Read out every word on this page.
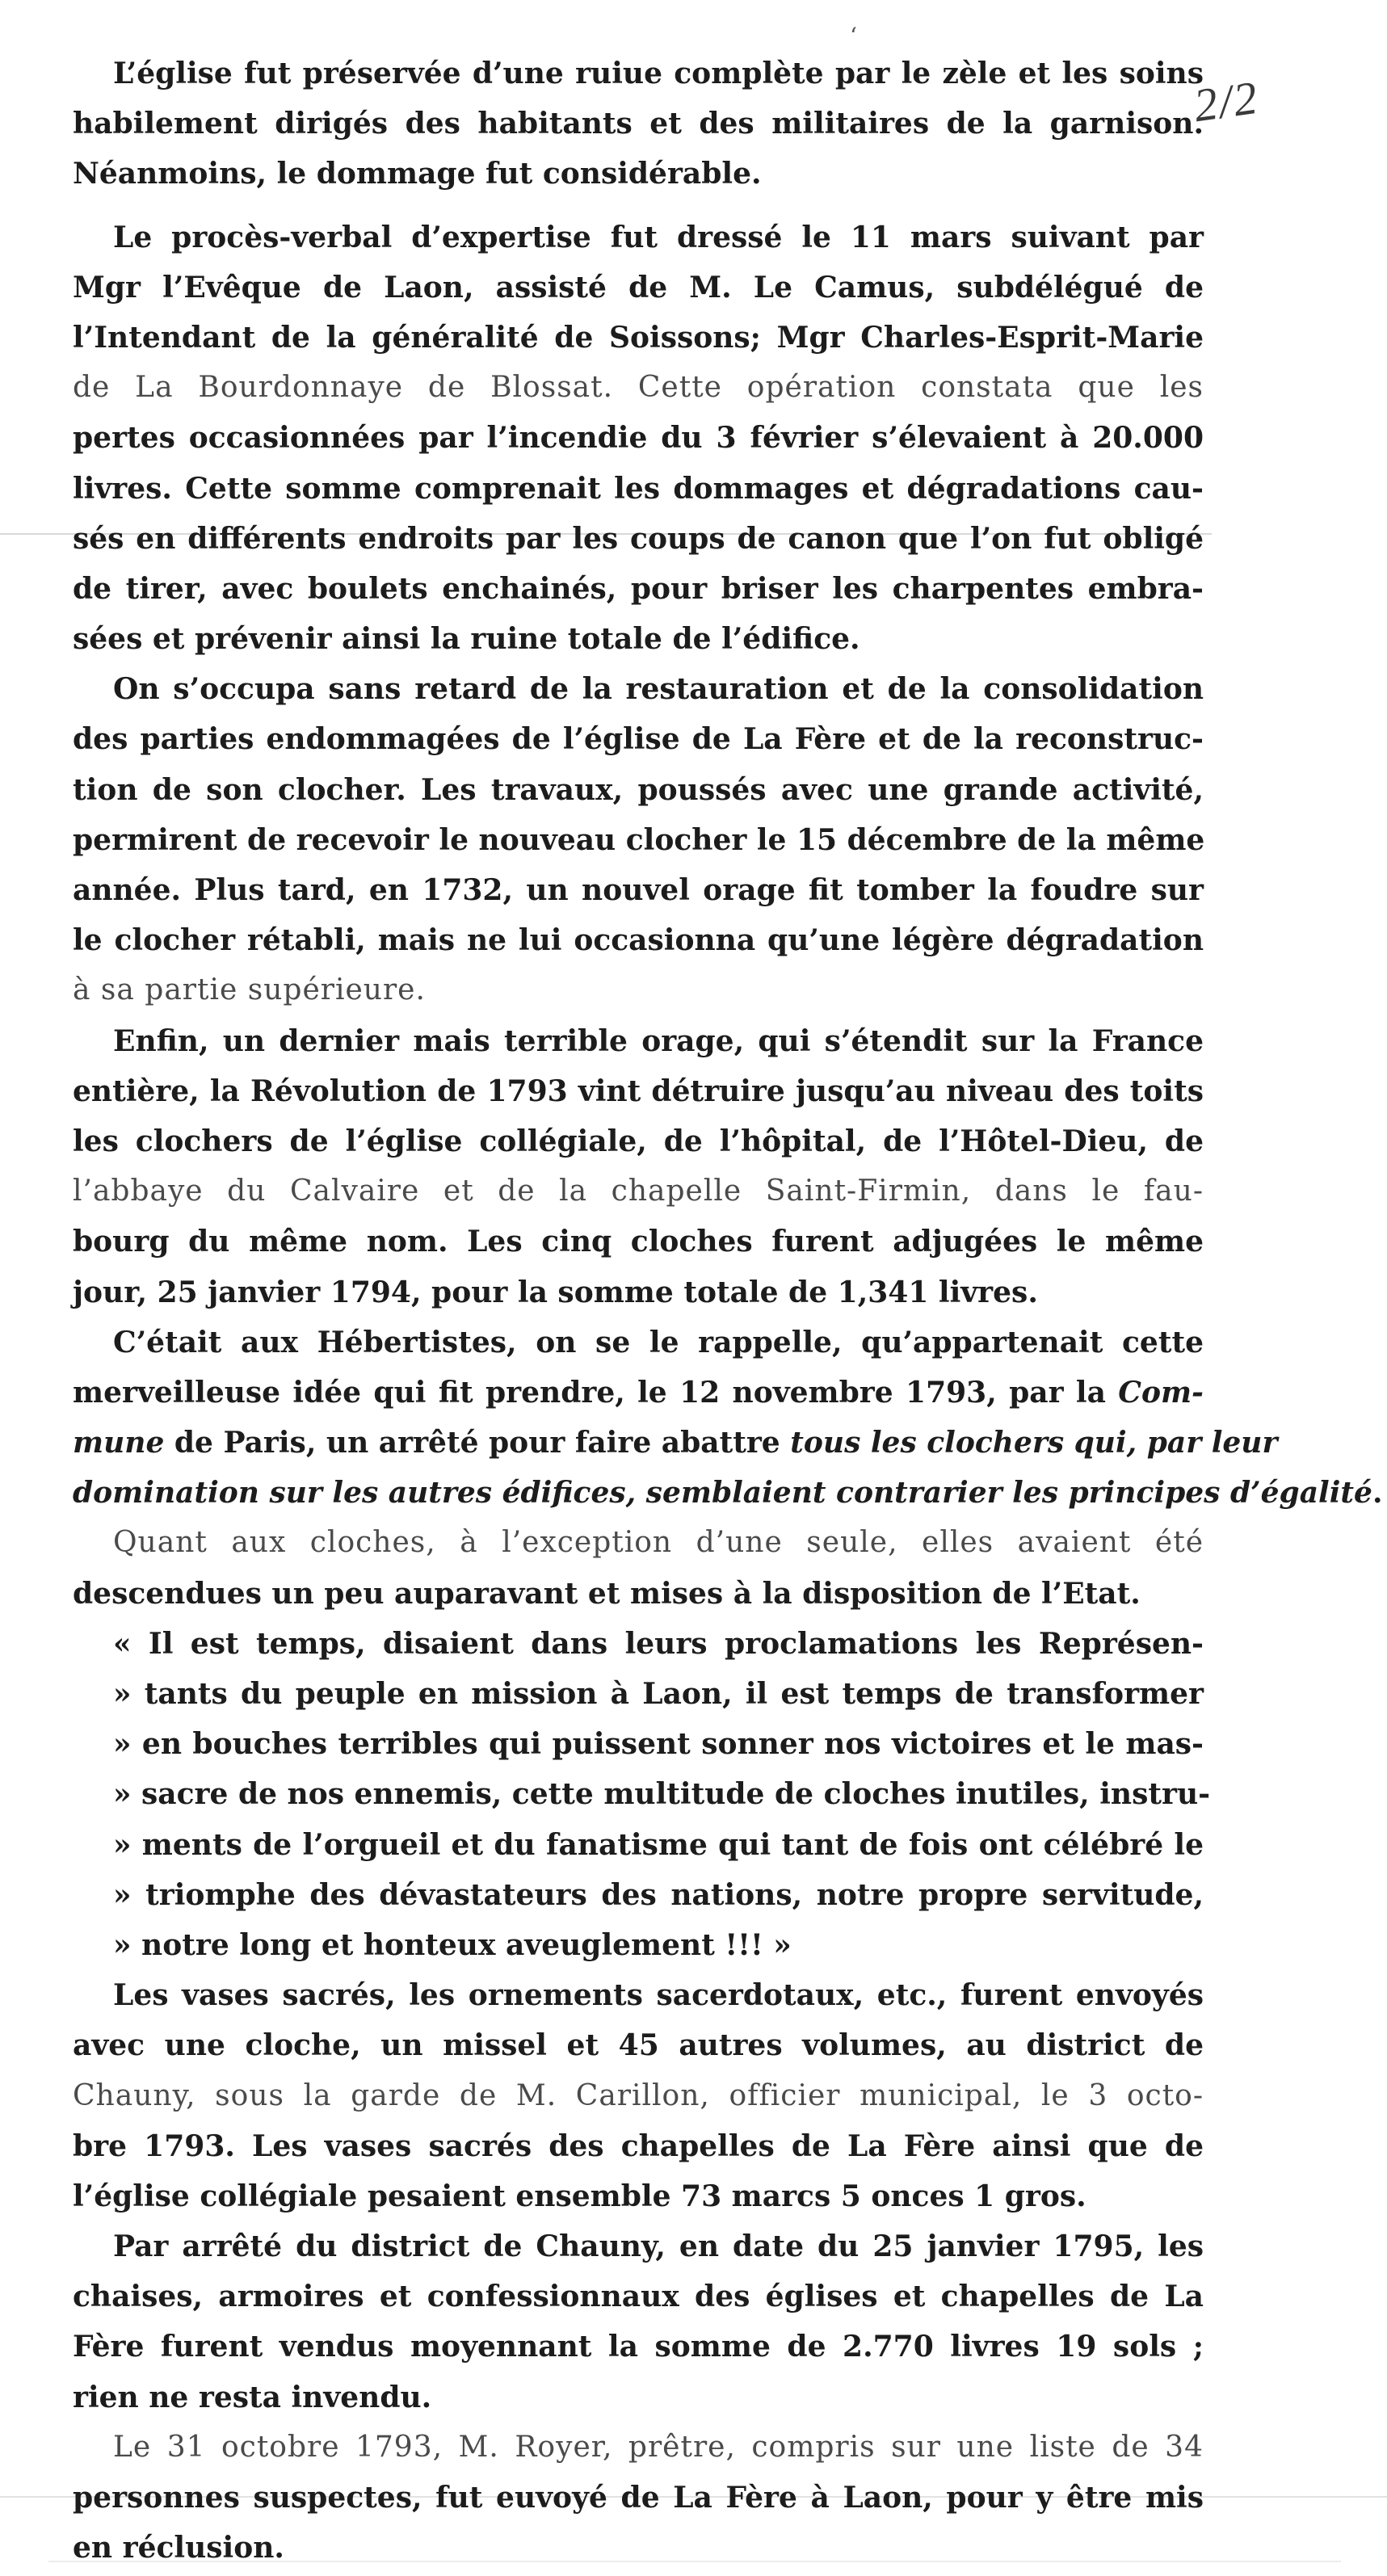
‘
2/2
L’église fut préservée d’une ruiue complète par le zèle et les soins
habilement dirigés des habitants et des militaires de la garnison.
Néanmoins, le dommage fut considérable.
Le procès-verbal d’expertise fut dressé le 11 mars suivant par
Mgr l’Evêque de Laon, assisté de M. Le Camus, subdélégué de
l’Intendant de la généralité de Soissons; Mgr Charles-Esprit-Marie
de La Bourdonnaye de Blossat. Cette opération constata que les
pertes occasionnées par l’incendie du 3 février s’élevaient à 20.000
livres. Cette somme comprenait les dommages et dégradations cau-
sés en différents endroits par les coups de canon que l’on fut obligé
de tirer, avec boulets enchainés, pour briser les charpentes embra-
sées et prévenir ainsi la ruine totale de l’édifice.
On s’occupa sans retard de la restauration et de la consolidation
des parties endommagées de l’église de La Fère et de la reconstruc-
tion de son clocher. Les travaux, poussés avec une grande activité,
permirent de recevoir le nouveau clocher le 15 décembre de la même
année. Plus tard, en 1732, un nouvel orage fit tomber la foudre sur
le clocher rétabli, mais ne lui occasionna qu’une légère dégradation
à sa partie supérieure.
Enfin, un dernier mais terrible orage, qui s’étendit sur la France
entière, la Révolution de 1793 vint détruire jusqu’au niveau des toits
les clochers de l’église collégiale, de l’hôpital, de l’Hôtel-Dieu, de
l’abbaye du Calvaire et de la chapelle Saint-Firmin, dans le fau-
bourg du même nom. Les cinq cloches furent adjugées le même
jour, 25 janvier 1794, pour la somme totale de 1,341 livres.
C’était aux Hébertistes, on se le rappelle, qu’appartenait cette
merveilleuse idée qui fit prendre, le 12 novembre 1793, par la Com-
mune de Paris, un arrêté pour faire abattre tous les clochers qui, par leur
domination sur les autres édifices, semblaient contrarier les principes d’égalité.
Quant aux cloches, à l’exception d’une seule, elles avaient été
descendues un peu auparavant et mises à la disposition de l’Etat.
« Il est temps, disaient dans leurs proclamations les Représen-
» tants du peuple en mission à Laon, il est temps de transformer
» en bouches terribles qui puissent sonner nos victoires et le mas-
» sacre de nos ennemis, cette multitude de cloches inutiles, instru-
» ments de l’orgueil et du fanatisme qui tant de fois ont célébré le
» triomphe des dévastateurs des nations, notre propre servitude,
» notre long et honteux aveuglement !!! »
Les vases sacrés, les ornements sacerdotaux, etc., furent envoyés
avec une cloche, un missel et 45 autres volumes, au district de
Chauny, sous la garde de M. Carillon, officier municipal, le 3 octo-
bre 1793. Les vases sacrés des chapelles de La Fère ainsi que de
l’église collégiale pesaient ensemble 73 marcs 5 onces 1 gros.
Par arrêté du district de Chauny, en date du 25 janvier 1795, les
chaises, armoires et confessionnaux des églises et chapelles de La
Fère furent vendus moyennant la somme de 2.770 livres 19 sols ;
rien ne resta invendu.
Le 31 octobre 1793, M. Royer, prêtre, compris sur une liste de 34
personnes suspectes, fut euvoyé de La Fère à Laon, pour y être mis
en réclusion.
